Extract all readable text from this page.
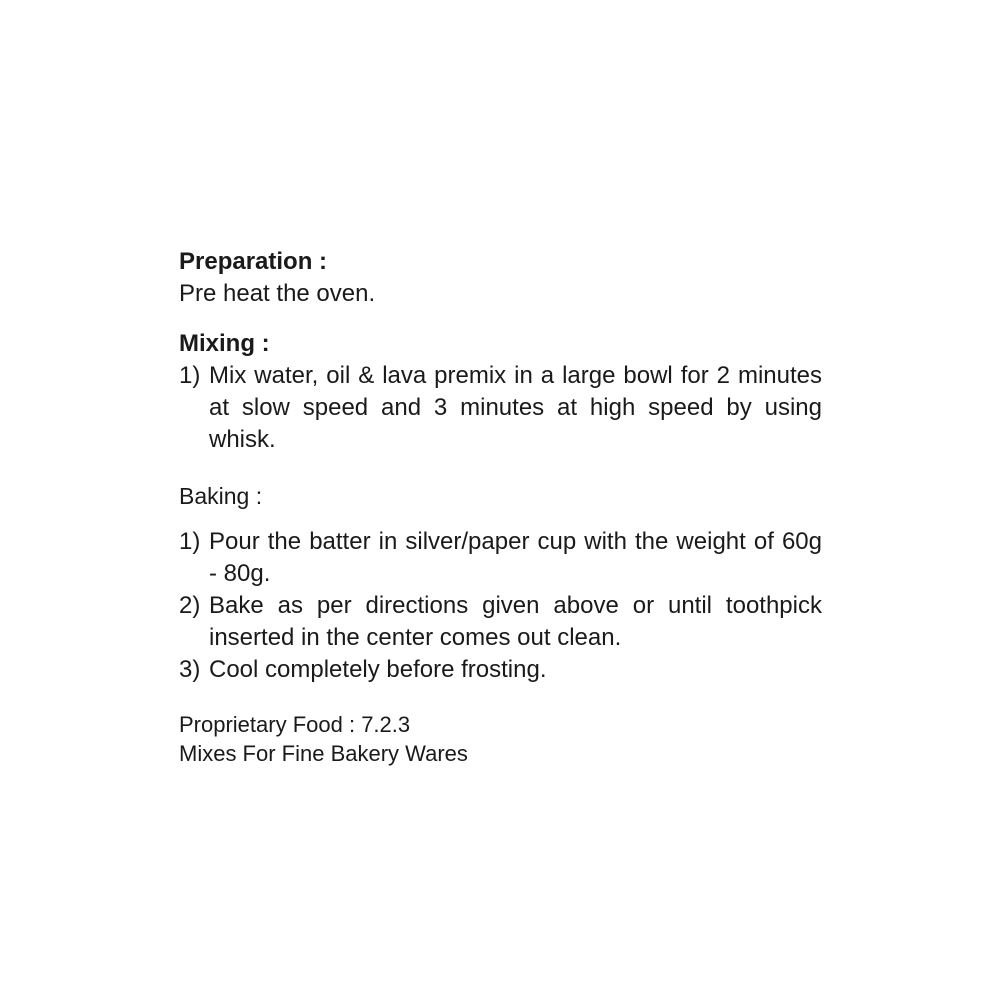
Preparation :

Pre heat the oven.

Mixing :

1) Mix water, oil & lava premix in a large bowl for 2 minutes at slow speed and 3 minutes at high speed by using whisk.

Baking :

1) Pour the batter in silver/paper cup with the weight of 60g - 80g.
2) Bake as per directions given above or until toothpick inserted in the center comes out clean.
3) Cool completely before frosting.

Proprietary Food : 7.2.3

Mixes For Fine Bakery Wares
